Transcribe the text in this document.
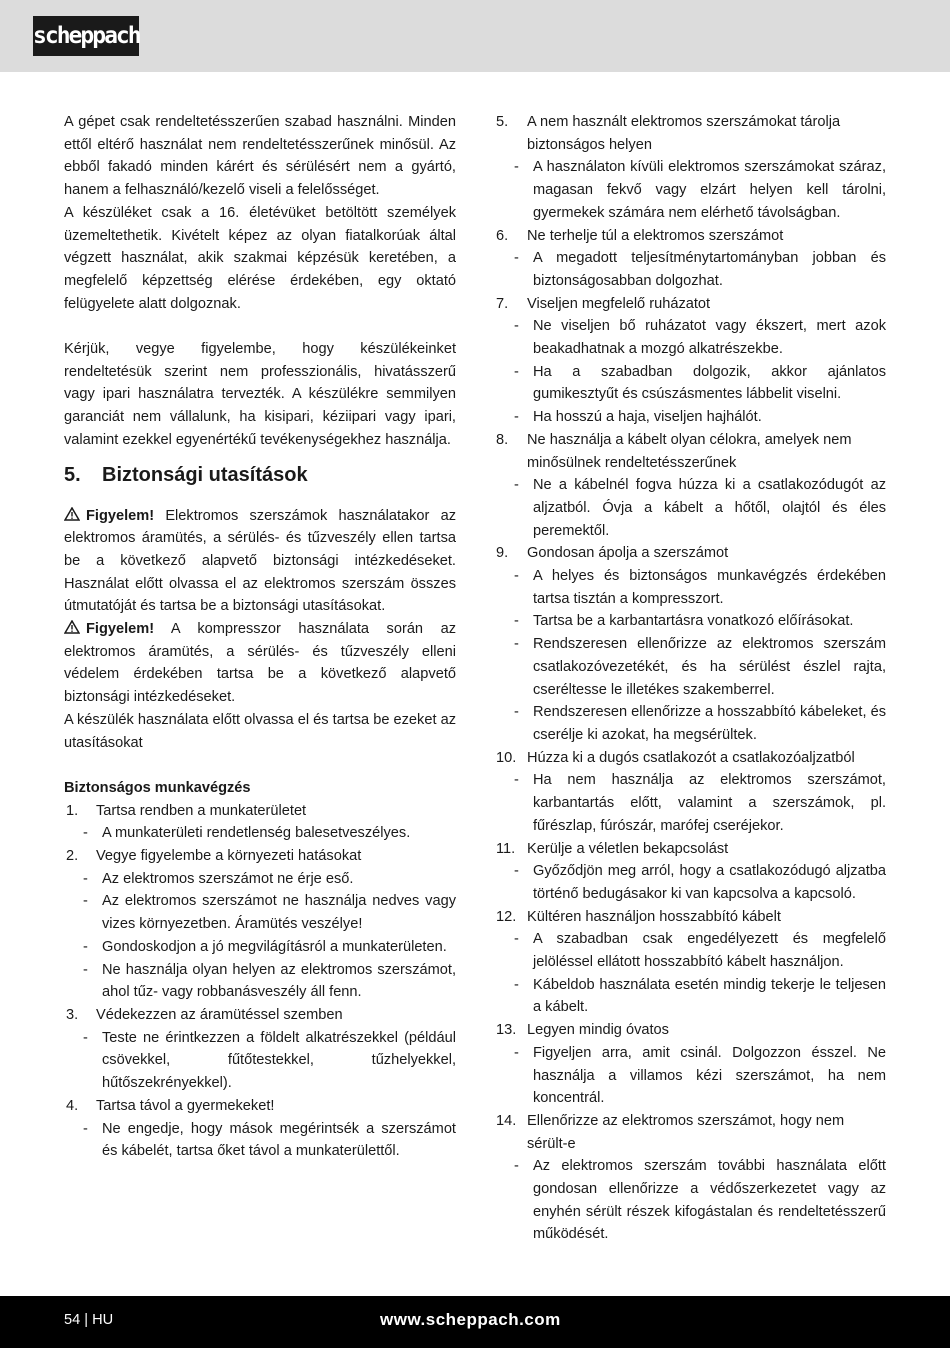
scheppach

A gépet csak rendeltetésszerűen szabad használni. Minden ettől eltérő használat nem rendeltetésszerűnek minősül. Az ebből fakadó minden kárért és sérülésért nem a gyártó, hanem a felhasználó/kezelő viseli a felelősséget.

A készüléket csak a 16. életévüket betöltött személyek üzemeltethetik. Kivételt képez az olyan fiatalkorúak által végzett használat, akik szakmai képzésük keretében, a megfelelő képzettség elérése érdekében, egy oktató felügyelete alatt dolgoznak.

Kérjük, vegye figyelembe, hogy készülékeinket rendeltetésük szerint nem professzionális, hivatásszerű vagy ipari használatra tervezték. A készülékre semmilyen garanciát nem vállalunk, ha kisipari, kéziipari vagy ipari, valamint ezekkel egyenértékű tevékenységekhez használja.

5. Biztonsági utasítások

Figyelem! Elektromos szerszámok használatakor az elektromos áramütés, a sérülés- és tűzveszély ellen tartsa be a következő alapvető biztonsági intézkedéseket. Használat előtt olvassa el az elektromos szerszám összes útmutatóját és tartsa be a biztonsági utasításokat.

Figyelem! A kompresszor használata során az elektromos áramütés, a sérülés- és tűzveszély elleni védelem érdekében tartsa be a következő alapvető biztonsági intézkedéseket.

A készülék használata előtt olvassa el és tartsa be ezeket az utasításokat

Biztonságos munkavégzés

1. Tartsa rendben a munkaterületet
- A munkaterületi rendetlenség balesetveszélyes.
2. Vegye figyelembe a környezeti hatásokat
- Az elektromos szerszámot ne érje eső.
- Az elektromos szerszámot ne használja nedves vagy vizes környezetben. Áramütés veszélye!
- Gondoskodjon a jó megvilágításról a munkaterületen.
- Ne használja olyan helyen az elektromos szerszámot, ahol tűz- vagy robbanásveszély áll fenn.
3. Védekezzen az áramütéssel szemben
- Teste ne érintkezzen a földelt alkatrészekkel (például csövekkel, fűtőtestekkel, tűzhelyekkel, hűtőszekrényekkel).
4. Tartsa távol a gyermekeket!
- Ne engedje, hogy mások megérintsék a szerszámot és kábelét, tartsa őket távol a munkaterülettől.
5. A nem használt elektromos szerszámokat tárolja biztonságos helyen
- A használaton kívüli elektromos szerszámokat száraz, magasan fekvő vagy elzárt helyen kell tárolni, gyermekek számára nem elérhető távolságban.
6. Ne terhelje túl a elektromos szerszámot
- A megadott teljesítménytartományban jobban és biztonságosabban dolgozhat.
7. Viseljen megfelelő ruházatot
- Ne viseljen bő ruházatot vagy ékszert, mert azok beakadhatnak a mozgó alkatrészekbe.
- Ha a szabadban dolgozik, akkor ajánlatos gumikesztyűt és csúszásmentes lábbelit viselni.
- Ha hosszú a haja, viseljen hajhálót.
8. Ne használja a kábelt olyan célokra, amelyek nem minősülnek rendeltetésszerűnek
- Ne a kábelnél fogva húzza ki a csatlakozódugót az aljzatból. Óvja a kábelt a hőtől, olajtól és éles peremektől.
9. Gondosan ápolja a szerszámot
- A helyes és biztonságos munkavégzés érdekében tartsa tisztán a kompresszort.
- Tartsa be a karbantartásra vonatkozó előírásokat.
- Rendszeresen ellenőrizze az elektromos szerszám csatlakozóvezetékét, és ha sérülést észlel rajta, cseréltesse le illetékes szakemberrel.
- Rendszeresen ellenőrizze a hosszabbító kábeleket, és cserélje ki azokat, ha megsérültek.
10. Húzza ki a dugós csatlakozót a csatlakozóaljzatból
- Ha nem használja az elektromos szerszámot, karbantartás előtt, valamint a szerszámok, pl. fűrészlap, fúrószár, marófej cseréjekor.
11. Kerülje a véletlen bekapcsolást
- Győződjön meg arról, hogy a csatlakozódugó aljzatba történő bedugásakor ki van kapcsolva a kapcsoló.
12. Kültéren használjon hosszabbító kábelt
- A szabadban csak engedélyezett és megfelelő jelöléssel ellátott hosszabbító kábelt használjon.
- Kábeldob használata esetén mindig tekerje le teljesen a kábelt.
13. Legyen mindig óvatos
- Figyeljen arra, amit csinál. Dolgozzon ésszel. Ne használja a villamos kézi szerszámot, ha nem koncentrál.
14. Ellenőrizze az elektromos szerszámot, hogy nem sérült-e
- Az elektromos szerszám további használata előtt gondosan ellenőrizze a védőszerkezetet vagy az enyhén sérült részek kifogástalan és rendeltetésszerű működését.
54 | HU	www.scheppach.com
